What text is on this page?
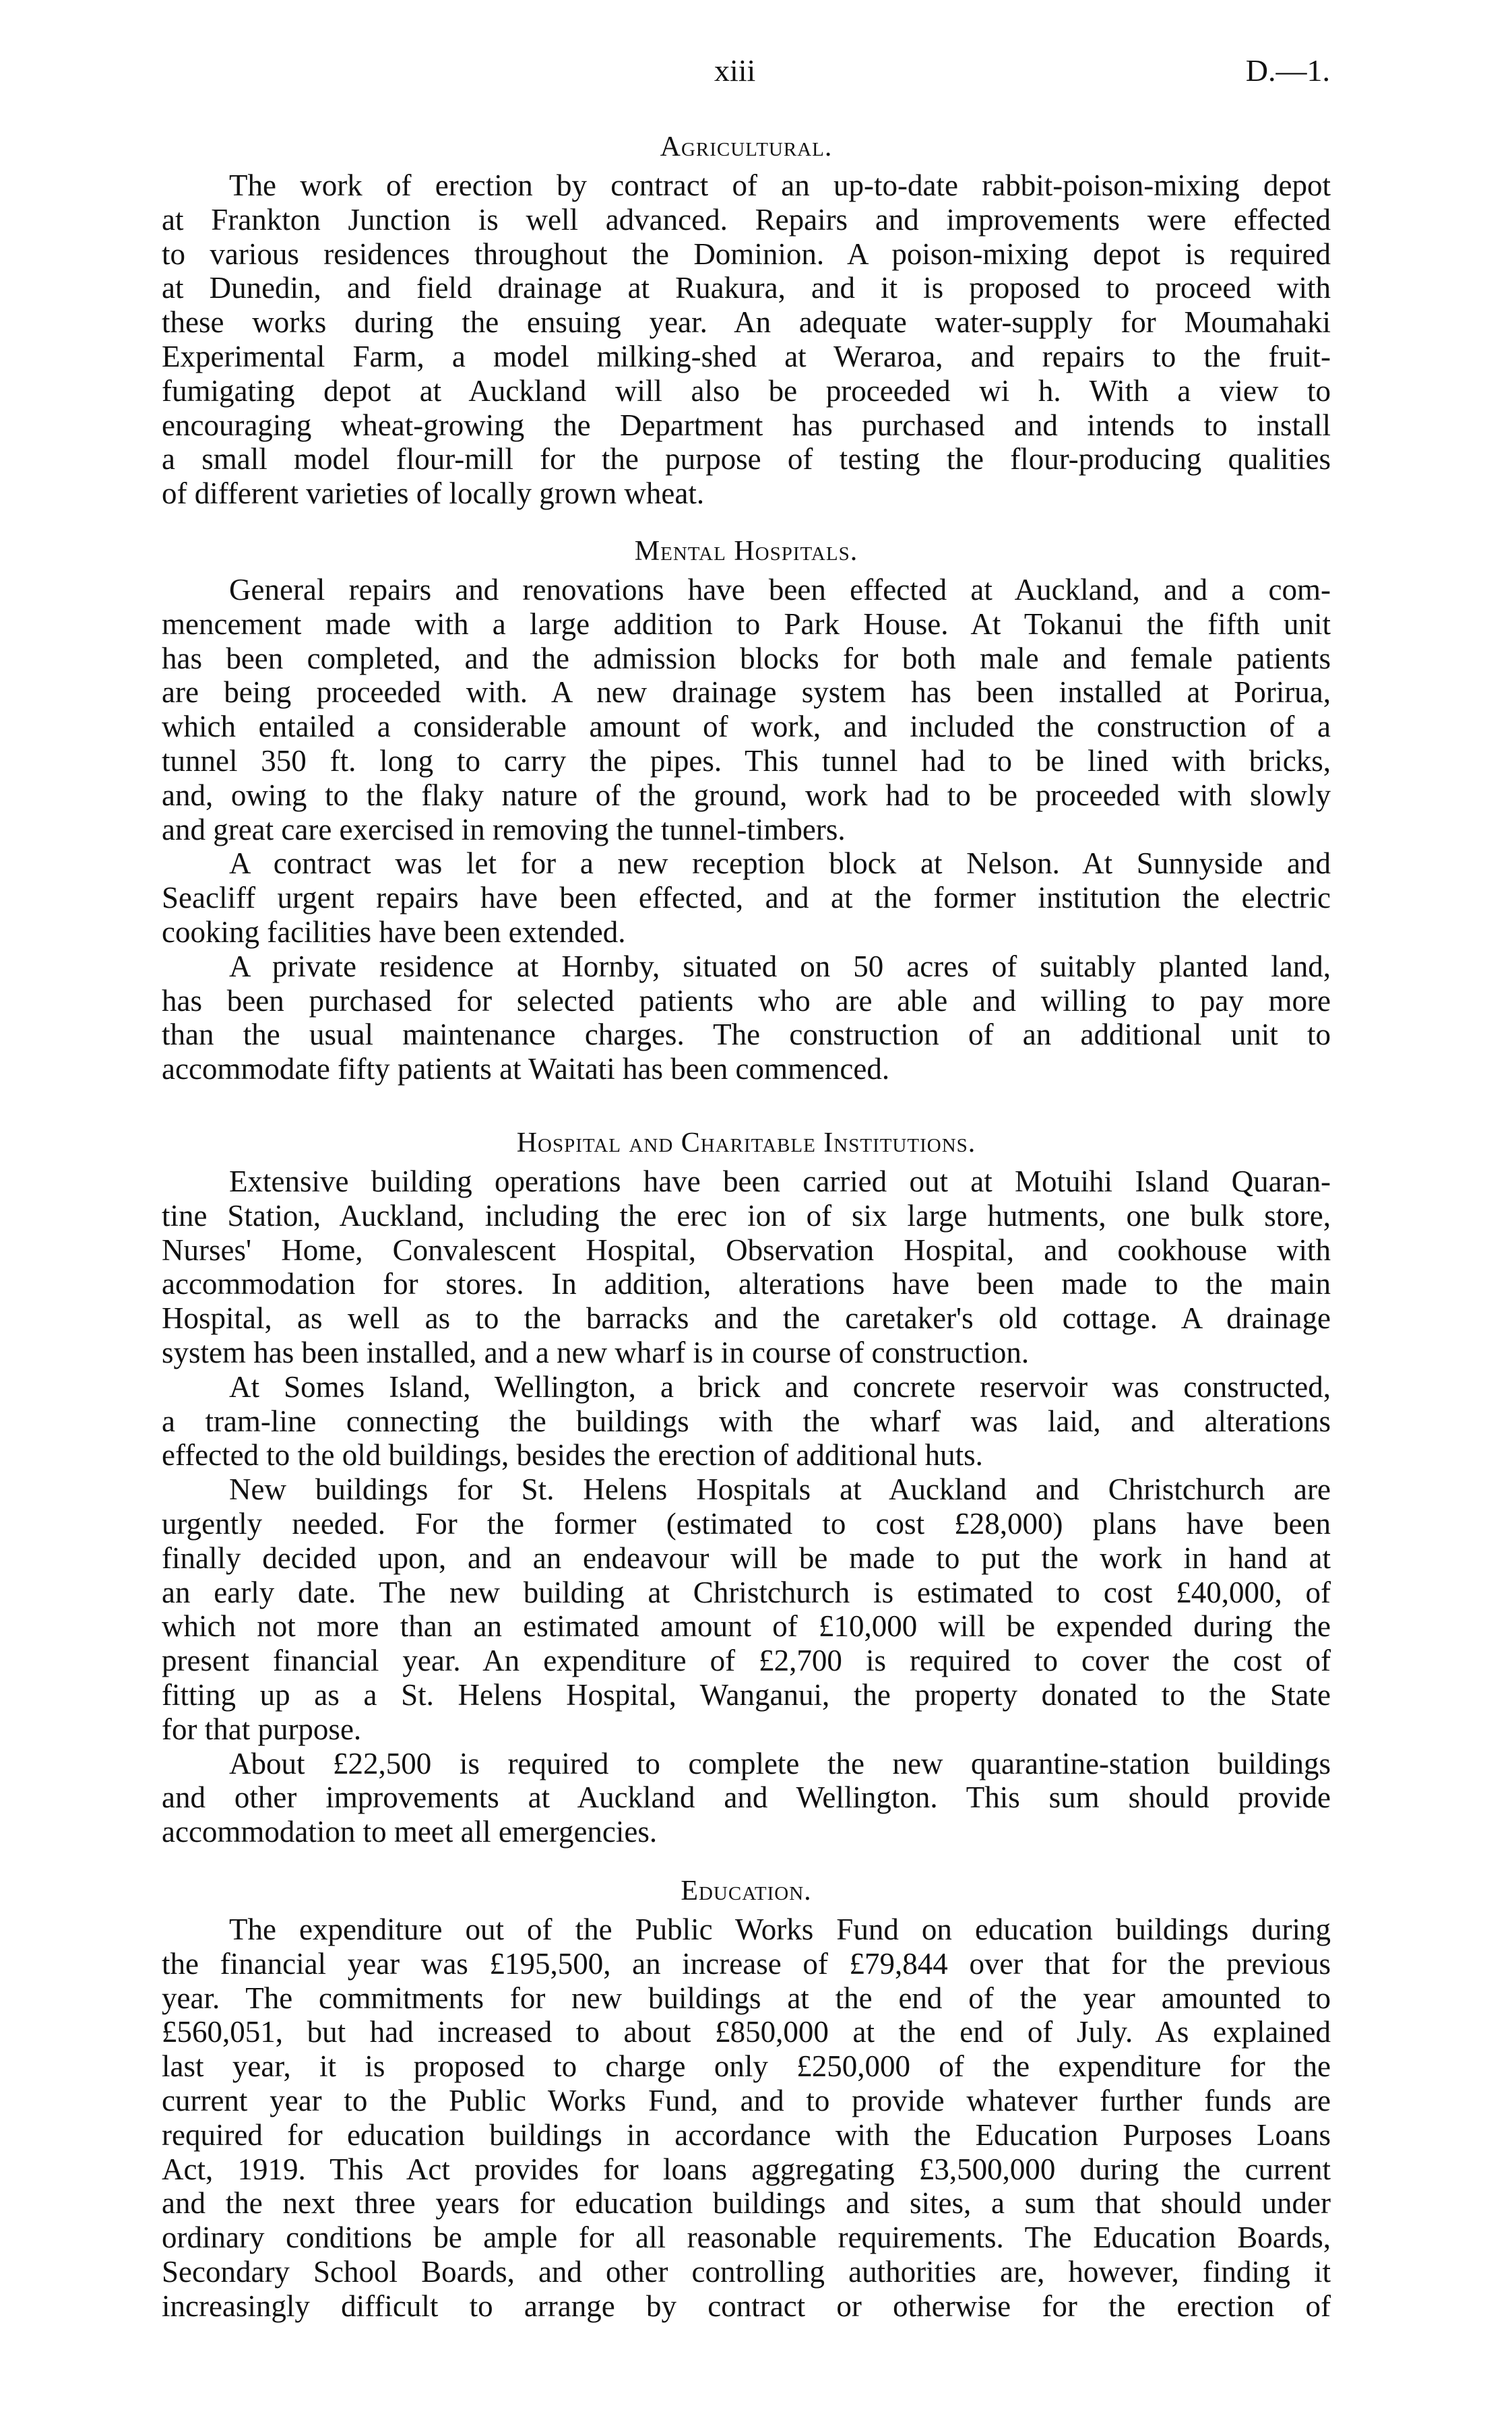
xiii	D.—1.
Agricultural.
The work of erection by contract of an up-to-date rabbit-poison-mixing depot
at Frankton Junction is well advanced. Repairs and improvements were effected
to various residences throughout the Dominion. A poison-mixing depot is required
at Dunedin, and field drainage at Ruakura, and it is proposed to proceed with
these works during the ensuing year. An adequate water-supply for Moumahaki
Experimental Farm, a model milking-shed at Weraroa, and repairs to the fruit-
fumigating depot at Auckland will also be proceeded wi h. With a view to
encouraging wheat-growing the Department has purchased and intends to install
a small model flour-mill for the purpose of testing the flour-producing qualities
of different varieties of locally grown wheat.
Mental Hospitals.
General repairs and renovations have been effected at Auckland, and a com-
mencement made with a large addition to Park House. At Tokanui the fifth unit
has been completed, and the admission blocks for both male and female patients
are being proceeded with. A new drainage system has been installed at Porirua,
which entailed a considerable amount of work, and included the construction of a
tunnel 350 ft. long to carry the pipes. This tunnel had to be lined with bricks,
and, owing to the flaky nature of the ground, work had to be proceeded with slowly
and great care exercised in removing the tunnel-timbers.
A contract was let for a new reception block at Nelson. At Sunnyside and
Seacliff urgent repairs have been effected, and at the former institution the electric
cooking facilities have been extended.
A private residence at Hornby, situated on 50 acres of suitably planted land,
has been purchased for selected patients who are able and willing to pay more
than the usual maintenance charges. The construction of an additional unit to
accommodate fifty patients at Waitati has been commenced.
Hospital and Charitable Institutions.
Extensive building operations have been carried out at Motuihi Island Quaran-
tine Station, Auckland, including the erec ion of six large hutments, one bulk store,
Nurses' Home, Convalescent Hospital, Observation Hospital, and cookhouse with
accommodation for stores. In addition, alterations have been made to the main
Hospital, as well as to the barracks and the caretaker's old cottage. A drainage
system has been installed, and a new wharf is in course of construction.
At Somes Island, Wellington, a brick and concrete reservoir was constructed,
a tram-line connecting the buildings with the wharf was laid, and alterations
effected to the old buildings, besides the erection of additional huts.
New buildings for St. Helens Hospitals at Auckland and Christchurch are
urgently needed. For the former (estimated to cost £28,000) plans have been
finally decided upon, and an endeavour will be made to put the work in hand at
an early date. The new building at Christchurch is estimated to cost £40,000, of
which not more than an estimated amount of £10,000 will be expended during the
present financial year. An expenditure of £2,700 is required to cover the cost of
fitting up as a St. Helens Hospital, Wanganui, the property donated to the State
for that purpose.
About £22,500 is required to complete the new quarantine-station buildings
and other improvements at Auckland and Wellington. This sum should provide
accommodation to meet all emergencies.
Education.
The expenditure out of the Public Works Fund on education buildings during
the financial year was £195,500, an increase of £79,844 over that for the previous
year. The commitments for new buildings at the end of the year amounted to
£560,051, but had increased to about £850,000 at the end of July. As explained
last year, it is proposed to charge only £250,000 of the expenditure for the
current year to the Public Works Fund, and to provide whatever further funds are
required for education buildings in accordance with the Education Purposes Loans
Act, 1919. This Act provides for loans aggregating £3,500,000 during the current
and the next three years for education buildings and sites, a sum that should under
ordinary conditions be ample for all reasonable requirements. The Education Boards,
Secondary School Boards, and other controlling authorities are, however, finding it
increasingly difficult to arrange by contract or otherwise for the erection of
